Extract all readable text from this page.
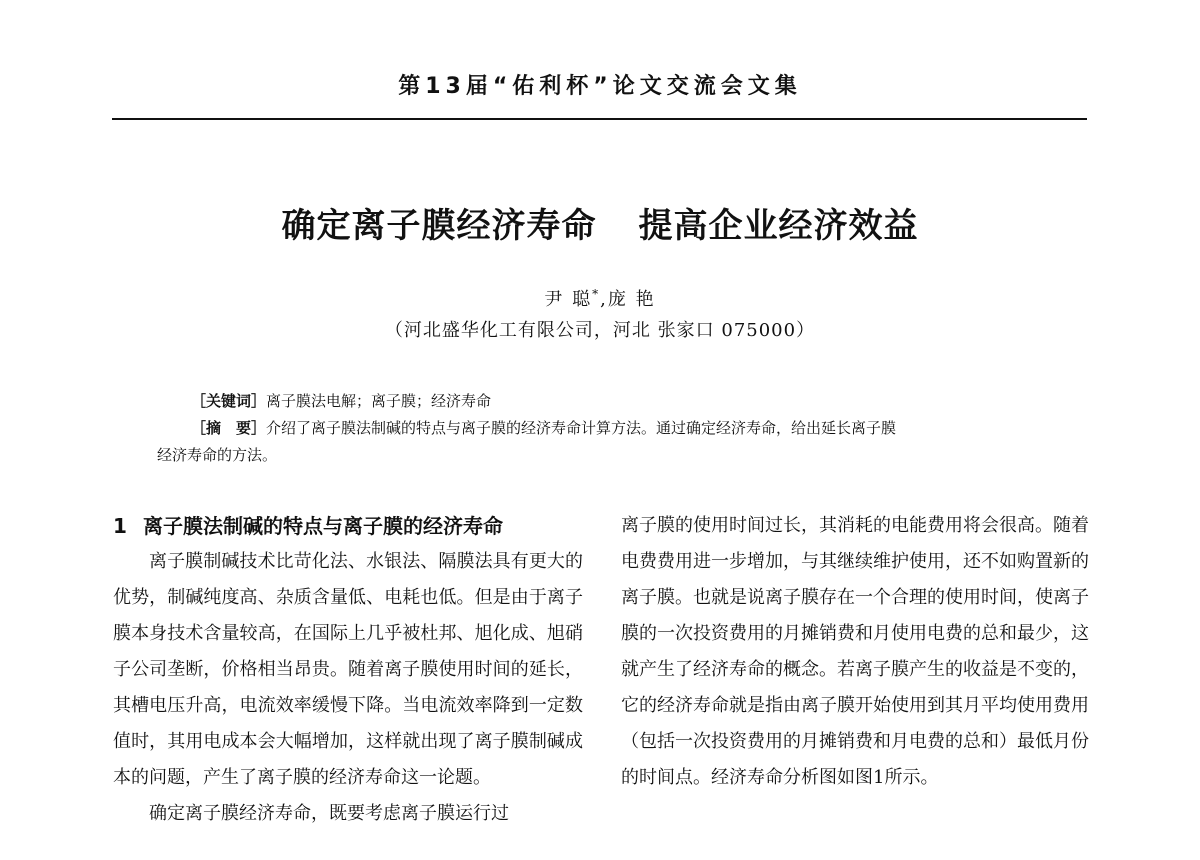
第13届“佑利杯”论文交流会文集
确定离子膜经济寿命 提高企业经济效益
尹 聪*,庞 艳
（河北盛华化工有限公司，河北 张家口 075000）

［关键词］离子膜法电解；离子膜；经济寿命

［摘　要］介绍了离子膜法制碱的特点与离子膜的经济寿命计算方法。通过确定经济寿命，给出延长离子膜

经济寿命的方法。

1 离子膜法制碱的特点与离子膜的经济寿命

离子膜制碱技术比苛化法、水银法、隔膜法具有更大的优势，制碱纯度高、杂质含量低、电耗也低。但是由于离子膜本身技术含量较高，在国际上几乎被杜邦、旭化成、旭硝子公司垄断，价格相当昂贵。随着离子膜使用时间的延长，其槽电压升高，电流效率缓慢下降。当电流效率降到一定数值时，其用电成本会大幅增加，这样就出现了离子膜制碱成本的问题，产生了离子膜的经济寿命这一论题。

确定离子膜经济寿命，既要考虑离子膜运行过

离子膜的使用时间过长，其消耗的电能费用将会很高。随着电费费用进一步增加，与其继续维护使用，还不如购置新的离子膜。也就是说离子膜存在一个合理的使用时间，使离子膜的一次投资费用的月摊销费和月使用电费的总和最少，这就产生了经济寿命的概念。若离子膜产生的收益是不变的，它的经济寿命就是指由离子膜开始使用到其月平均使用费用（包括一次投资费用的月摊销费和月电费的总和）最低月份的时间点。经济寿命分析图如图1所示。
